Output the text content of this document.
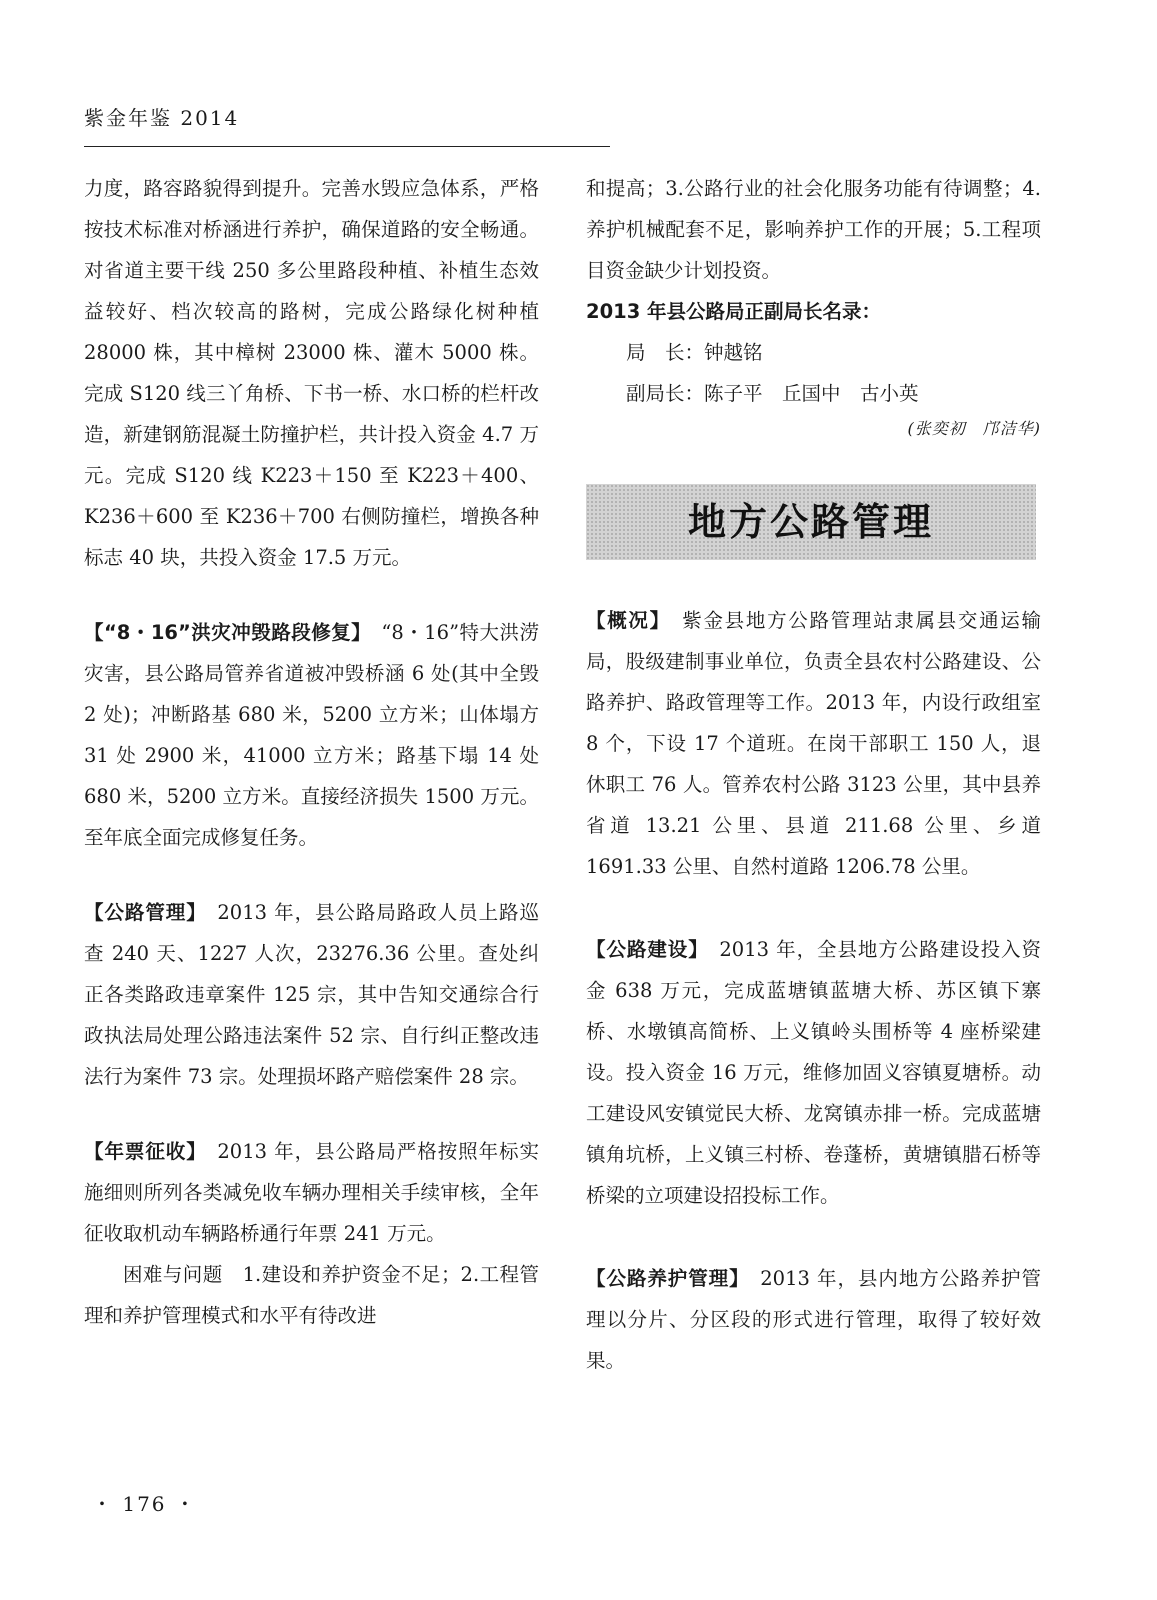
紫金年鉴 2014

力度，路容路貌得到提升。完善水毁应急体系，严格按技术标准对桥涵进行养护，确保道路的安全畅通。对省道主要干线 250 多公里路段种植、补植生态效益较好、档次较高的路树，完成公路绿化树种植 28000 株，其中樟树 23000 株、灌木 5000 株。完成 S120 线三丫角桥、下书一桥、水口桥的栏杆改造，新建钢筋混凝土防撞护栏，共计投入资金 4.7 万元。完成 S120 线 K223＋150 至 K223＋400、K236＋600 至 K236＋700 右侧防撞栏，增换各种标志 40 块，共投入资金 17.5 万元。

【“8・16”洪灾冲毁路段修复】　 “8・16”特大洪涝灾害，县公路局管养省道被冲毁桥涵 6 处(其中全毁 2 处)；冲断路基 680 米，5200 立方米；山体塌方 31 处 2900 米，41000 立方米；路基下塌 14 处 680 米，5200 立方米。直接经济损失 1500 万元。至年底全面完成修复任务。

【公路管理】　 2013 年，县公路局路政人员上路巡查 240 天、1227 人次，23276.36 公里。查处纠正各类路政违章案件 125 宗，其中告知交通综合行政执法局处理公路违法案件 52 宗、自行纠正整改违法行为案件 73 宗。处理损坏路产赔偿案件 28 宗。

【年票征收】　 2013 年，县公路局严格按照年标实施细则所列各类减免收车辆办理相关手续审核，全年征收取机动车辆路桥通行年票 241 万元。

困难与问题　 1.建设和养护资金不足；2.工程管理和养护管理模式和水平有待改进

和提高；3.公路行业的社会化服务功能有待调整；4.养护机械配套不足，影响养护工作的开展；5.工程项目资金缺少计划投资。

2013 年县公路局正副局长名录：

局　长：钟越铭

副局长：陈子平　丘国中　古小英

(张奕初　邝洁华)

地方公路管理

【概况】　 紫金县地方公路管理站隶属县交通运输局，股级建制事业单位，负责全县农村公路建设、公路养护、路政管理等工作。2013 年，内设行政组室 8 个，下设 17 个道班。在岗干部职工 150 人，退休职工 76 人。管养农村公路 3123 公里，其中县养省道 13.21 公里、县道 211.68 公里、乡道 1691.33 公里、自然村道路 1206.78 公里。

【公路建设】　 2013 年，全县地方公路建设投入资金 638 万元，完成蓝塘镇蓝塘大桥、苏区镇下寨桥、水墩镇高简桥、上义镇岭头围桥等 4 座桥梁建设。投入资金 16 万元，维修加固义容镇夏塘桥。动工建设风安镇觉民大桥、龙窝镇赤排一桥。完成蓝塘镇角坑桥，上义镇三村桥、卷蓬桥，黄塘镇腊石桥等桥梁的立项建设招投标工作。

【公路养护管理】　 2013 年，县内地方公路养护管理以分片、分区段的形式进行管理，取得了较好效果。

・ 176 ・
